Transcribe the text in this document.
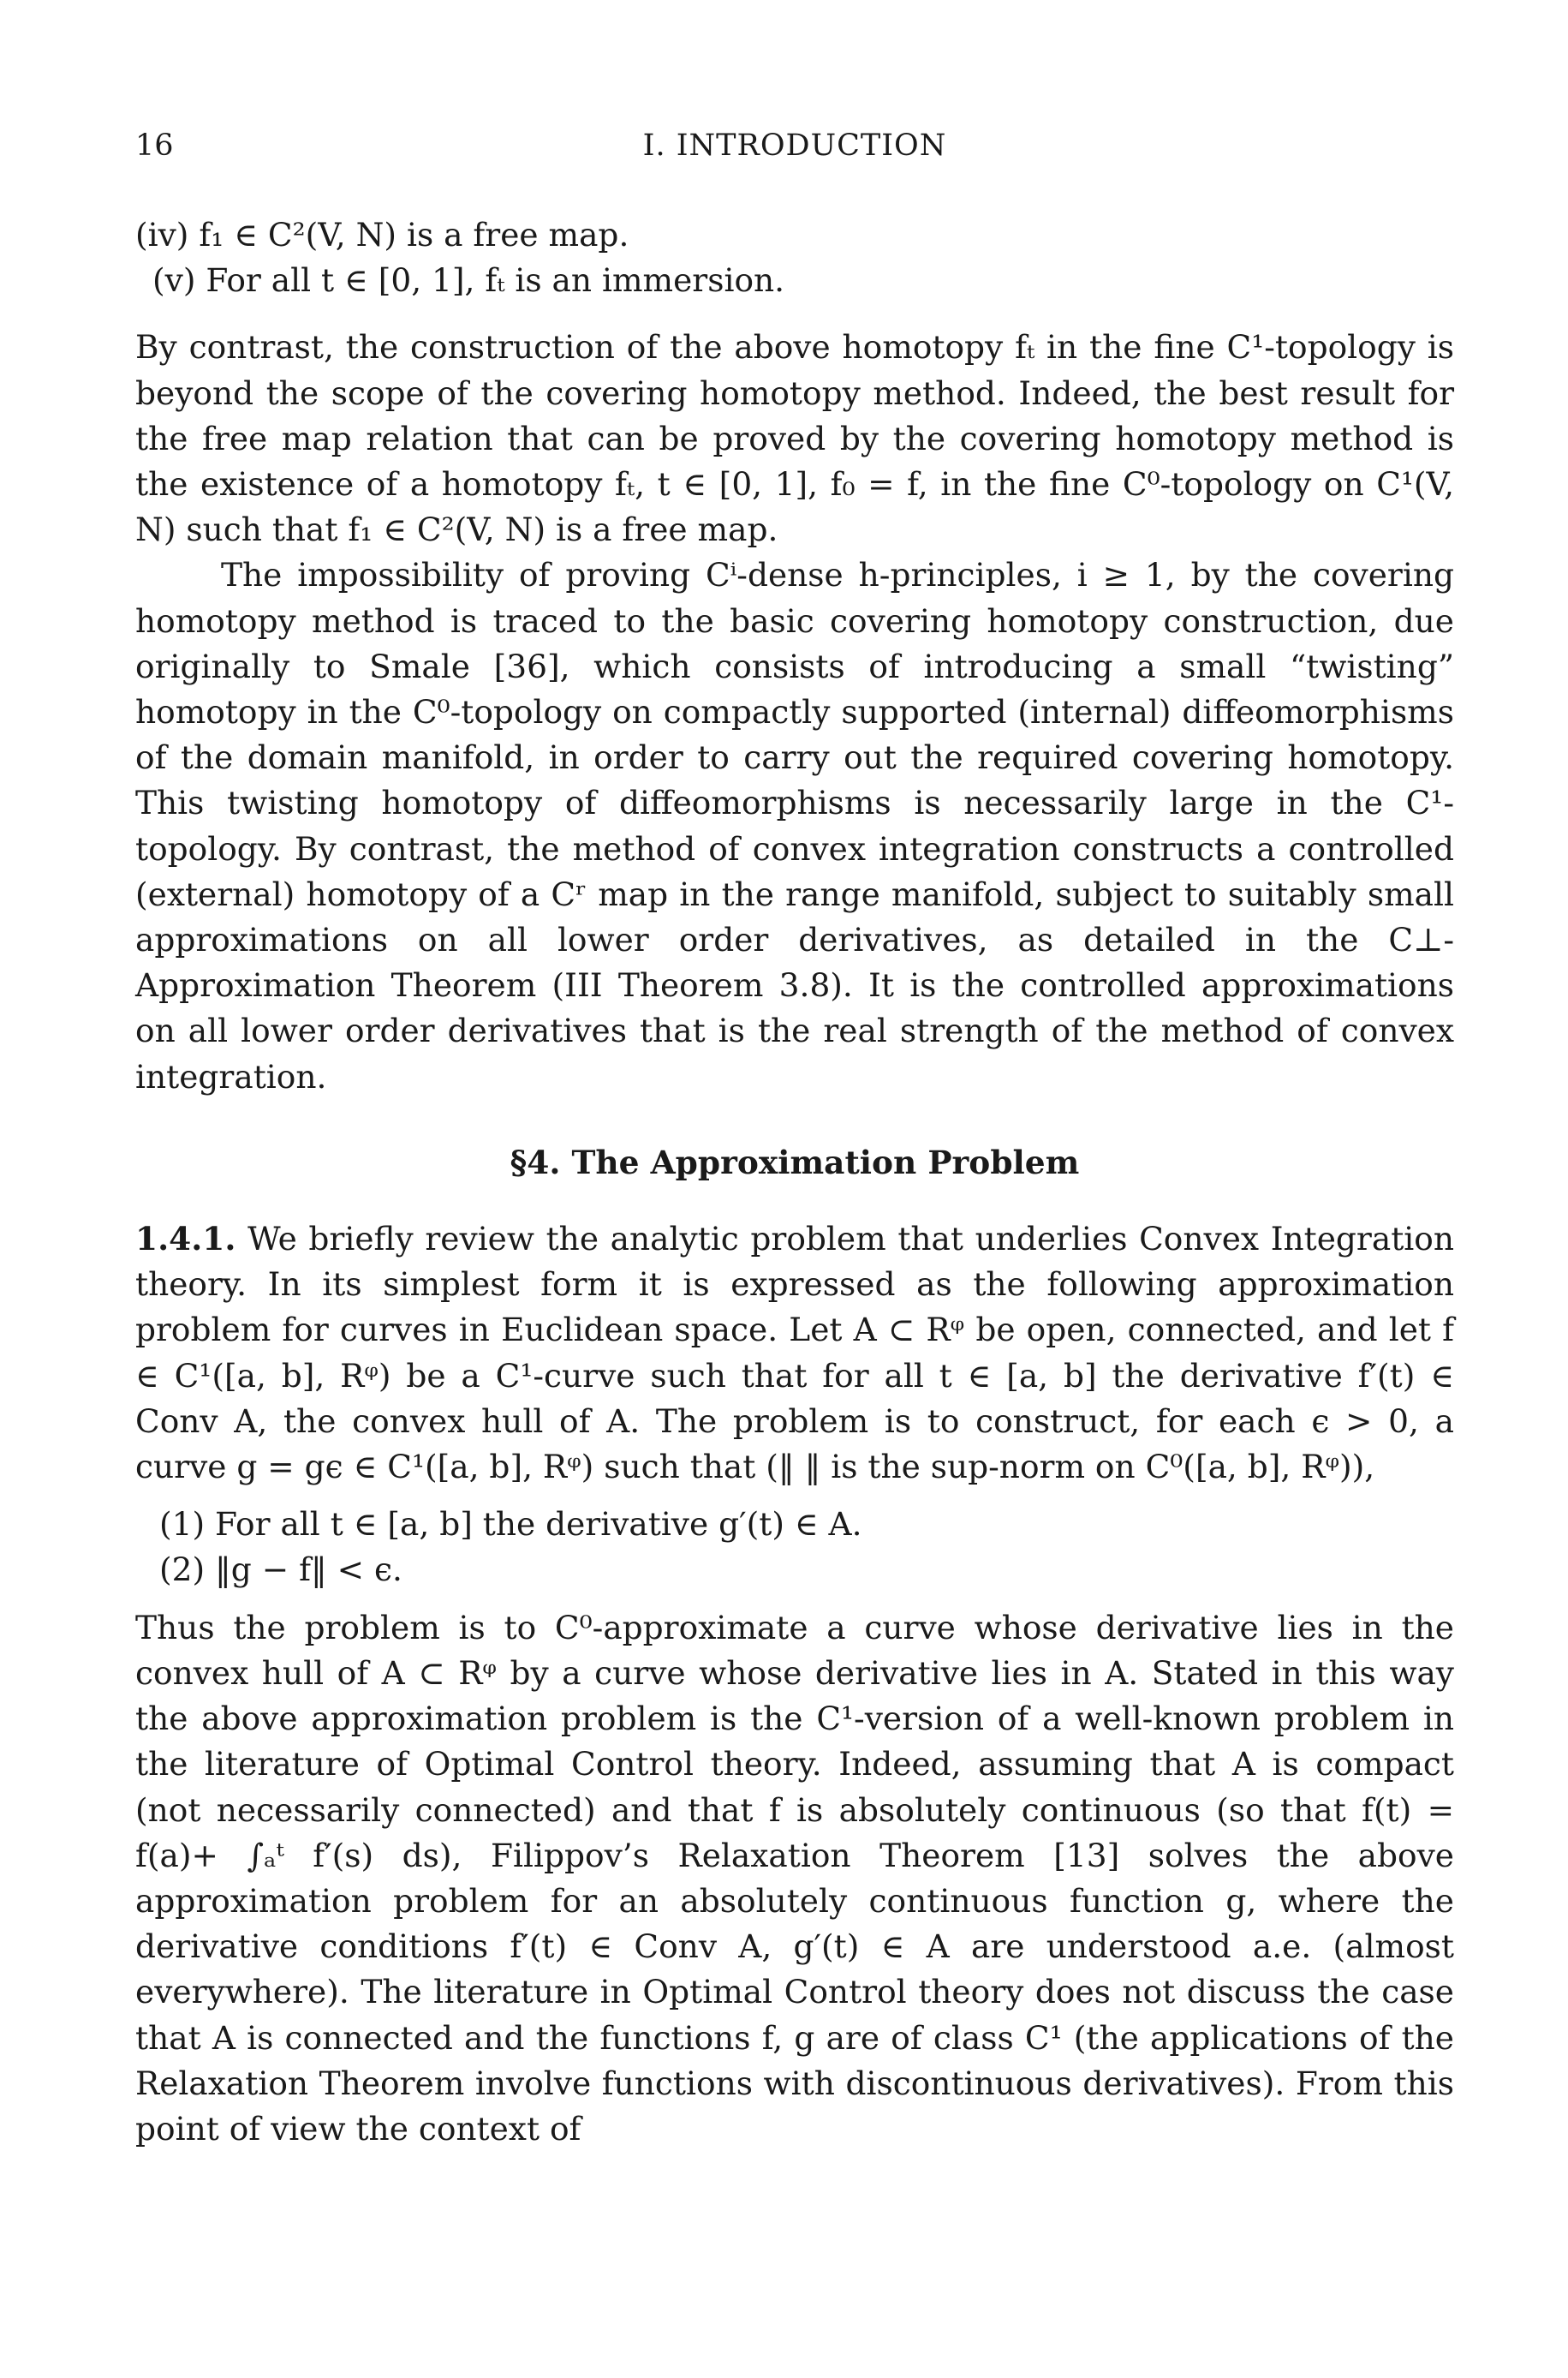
16	I. INTRODUCTION
(iv) f₁ ∈ C²(V, N) is a free map.
(v) For all t ∈ [0, 1], fₜ is an immersion.

By contrast, the construction of the above homotopy fₜ in the fine C¹-topology is beyond the scope of the covering homotopy method. Indeed, the best result for the free map relation that can be proved by the covering homotopy method is the existence of a homotopy fₜ, t ∈ [0, 1], f₀ = f, in the fine C⁰-topology on C¹(V, N) such that f₁ ∈ C²(V, N) is a free map.

The impossibility of proving Cⁱ-dense h-principles, i ≥ 1, by the covering homotopy method is traced to the basic covering homotopy construction, due originally to Smale [36], which consists of introducing a small “twisting” homotopy in the C⁰-topology on compactly supported (internal) diffeomorphisms of the domain manifold, in order to carry out the required covering homotopy. This twisting homotopy of diffeomorphisms is necessarily large in the C¹-topology. By contrast, the method of convex integration constructs a controlled (external) homotopy of a Cʳ map in the range manifold, subject to suitably small approximations on all lower order derivatives, as detailed in the C⊥-Approximation Theorem (III Theorem 3.8). It is the controlled approximations on all lower order derivatives that is the real strength of the method of convex integration.

§4. The Approximation Problem

1.4.1. We briefly review the analytic problem that underlies Convex Integration theory. In its simplest form it is expressed as the following approximation problem for curves in Euclidean space. Let A ⊂ Rᵠ be open, connected, and let f ∈ C¹([a, b], Rᵠ) be a C¹-curve such that for all t ∈ [a, b] the derivative f′(t) ∈ Conv A, the convex hull of A. The problem is to construct, for each ϵ > 0, a curve g = gϵ ∈ C¹([a, b], Rᵠ) such that (‖ ‖ is the sup-norm on C⁰([a, b], Rᵠ)),

(1) For all t ∈ [a, b] the derivative g′(t) ∈ A.
(2) ‖g − f‖ < ϵ.

Thus the problem is to C⁰-approximate a curve whose derivative lies in the convex hull of A ⊂ Rᵠ by a curve whose derivative lies in A. Stated in this way the above approximation problem is the C¹-version of a well-known problem in the literature of Optimal Control theory. Indeed, assuming that A is compact (not necessarily connected) and that f is absolutely continuous (so that f(t) = f(a)+ ∫ₐᵗ f′(s) ds), Filippov’s Relaxation Theorem [13] solves the above approximation problem for an absolutely continuous function g, where the derivative conditions f′(t) ∈ Conv A, g′(t) ∈ A are understood a.e. (almost everywhere). The literature in Optimal Control theory does not discuss the case that A is connected and the functions f, g are of class C¹ (the applications of the Relaxation Theorem involve functions with discontinuous derivatives). From this point of view the context of
